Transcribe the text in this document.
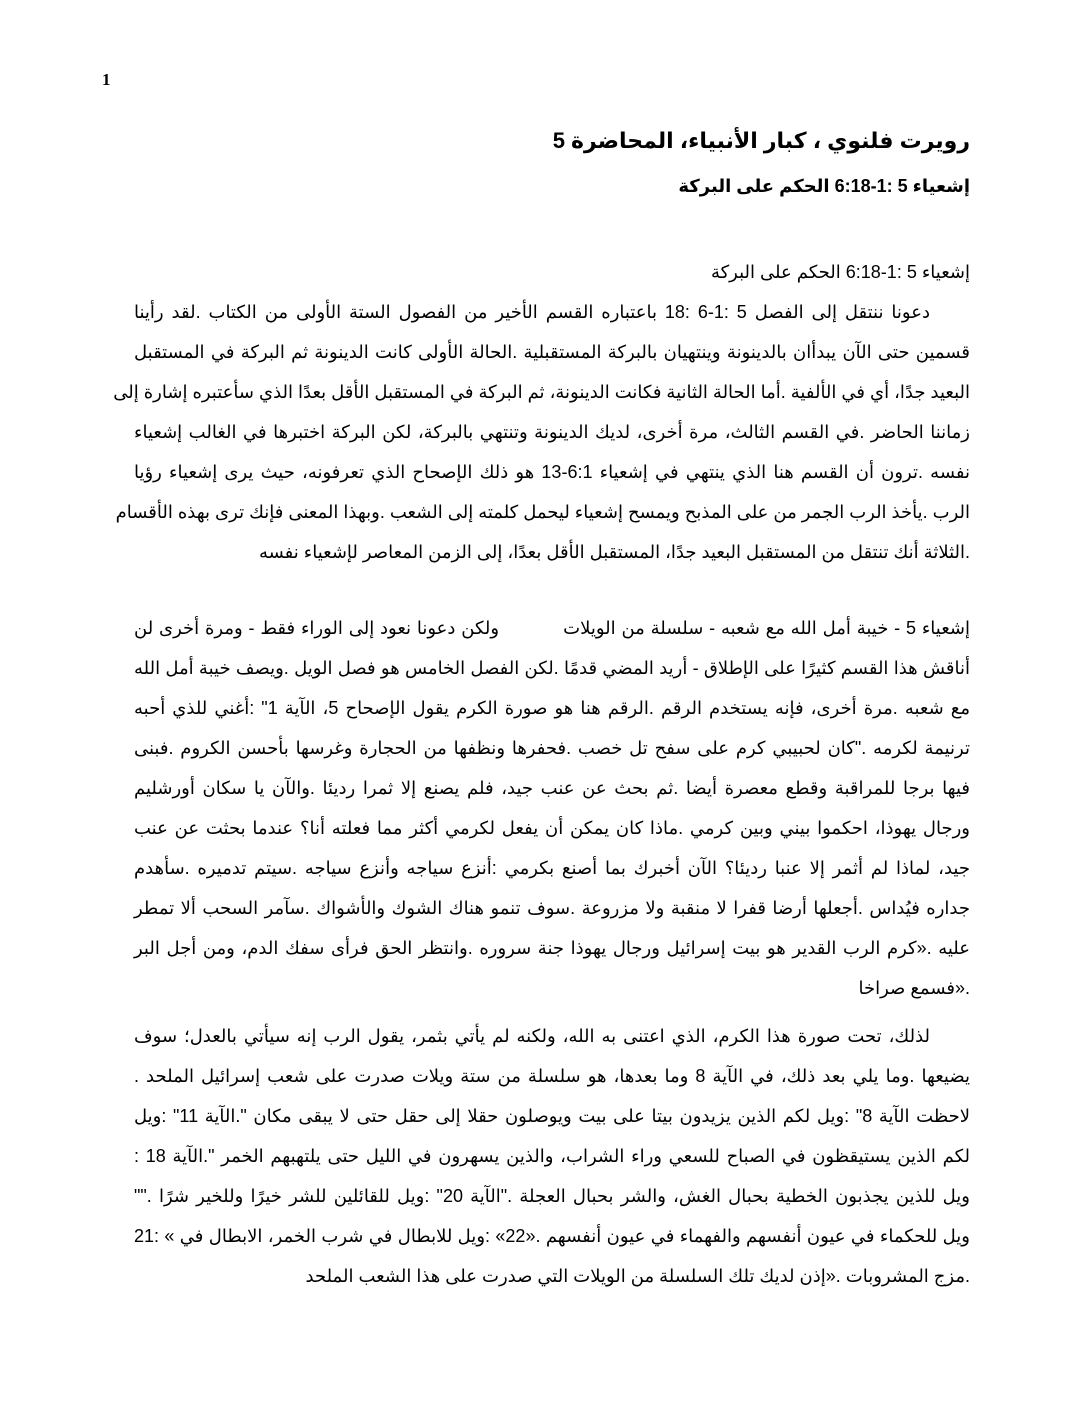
1
رويرت فلنوي ، كبار الأنبياء، المحاضرة 5
إشعياء 5 :1-6:18 الحكم على البركة
إشعياء 5 :1-6:18 الحكم على البركة
دعونا ننتقل إلى الفصل 5 :1-6 :18 باعتباره القسم الأخير من الفصول الستة الأولى من الكتاب .لقد رأينا
قسمين حتى الآن يبدأان بالدينونة وينتهيان بالبركة المستقبلية .الحالة الأولى كانت الدينونة ثم البركة في المستقبل
البعيد جدًا، أي في الألفية .أما الحالة الثانية فكانت الدينونة، ثم البركة في المستقبل الأقل بعدًا الذي سأعتبره إشارة إلى
زماننا الحاضر .في القسم الثالث، مرة أخرى، لديك الدينونة وتنتهي بالبركة، لكن البركة اختبرها في الغالب إشعياء
نفسه .ترون أن القسم هنا الذي ينتهي في إشعياء 6:1-13 هو ذلك الإصحاح الذي تعرفونه، حيث يرى إشعياء رؤيا
الرب .يأخذ الرب الجمر من على المذبح ويمسح إشعياء ليحمل كلمته إلى الشعب .وبهذا المعنى فإنك ترى بهذه الأقسام
.الثلاثة أنك تنتقل من المستقبل البعيد جدًا، المستقبل الأقل بعدًا، إلى الزمن المعاصر لإشعياء نفسه
إشعياء 5 - خيبة أمل الله مع شعبه - سلسلة من الويلات           ولكن دعونا نعود إلى الوراء فقط - ومرة أخرى لن
أناقش هذا القسم كثيرًا على الإطلاق - أريد المضي قدمًا .لكن الفصل الخامس هو فصل الويل .ويصف خيبة أمل الله
مع شعبه .مرة أخرى، فإنه يستخدم الرقم .الرقم هنا هو صورة الكرم يقول الإصحاح 5، الآية 1" :أغني للذي أحبه
ترنيمة لكرمه ."كان لحبيبي كرم على سفح تل خصب .فحفرها ونظفها من الحجارة وغرسها بأحسن الكروم .فبنى
فيها برجا للمراقبة وقطع معصرة أيضا .ثم بحث عن عنب جيد، فلم يصنع إلا ثمرا رديئا .والآن يا سكان أورشليم
ورجال يهوذا، احكموا بيني وبين كرمي .ماذا كان يمكن أن يفعل لكرمي أكثر مما فعلته أنا؟ عندما بحثت عن عنب
جيد، لماذا لم أثمر إلا عنبا رديئا؟ الآن أخبرك بما أصنع بكرمي :أنزع سياجه وأنزع سياجه .سيتم تدميره .سأهدم
جداره فيُداس .أجعلها أرضا قفرا لا منقبة ولا مزروعة .سوف تنمو هناك الشوك والأشواك .سآمر السحب ألا تمطر
عليه .«كرم الرب القدير هو بيت إسرائيل ورجال يهوذا جنة سروره .وانتظر الحق فرأى سفك الدم، ومن أجل البر
.«فسمع صراخا
لذلك، تحت صورة هذا الكرم، الذي اعتنى به الله، ولكنه لم يأتي بثمر، يقول الرب إنه سيأتي بالعدل؛ سوف
يضيعها .وما يلي بعد ذلك، في الآية 8 وما بعدها، هو سلسلة من ستة ويلات صدرت على شعب إسرائيل الملحد .
لاحظت الآية 8" :ويل لكم الذين يزيدون بيتا على بيت ويوصلون حقلا إلى حقل حتى لا يبقى مكان ".الآية 11" :ويل
لكم الذين يستيقظون في الصباح للسعي وراء الشراب، والذين يسهرون في الليل حتى يلتهبهم الخمر ".الآية 18 :
ويل للذين يجذبون الخطية بحبال الغش، والشر بحبال العجلة ."الآية 20" :ويل للقائلين للشر خيرًا وللخير شرًا .""
ويل للحكماء في عيون أنفسهم والفهماء في عيون أنفسهم .«22» :ويل للابطال في شرب الخمر، الابطال في » :21
.مزج المشروبات .«إذن لديك تلك السلسلة من الويلات التي صدرت على هذا الشعب الملحد
